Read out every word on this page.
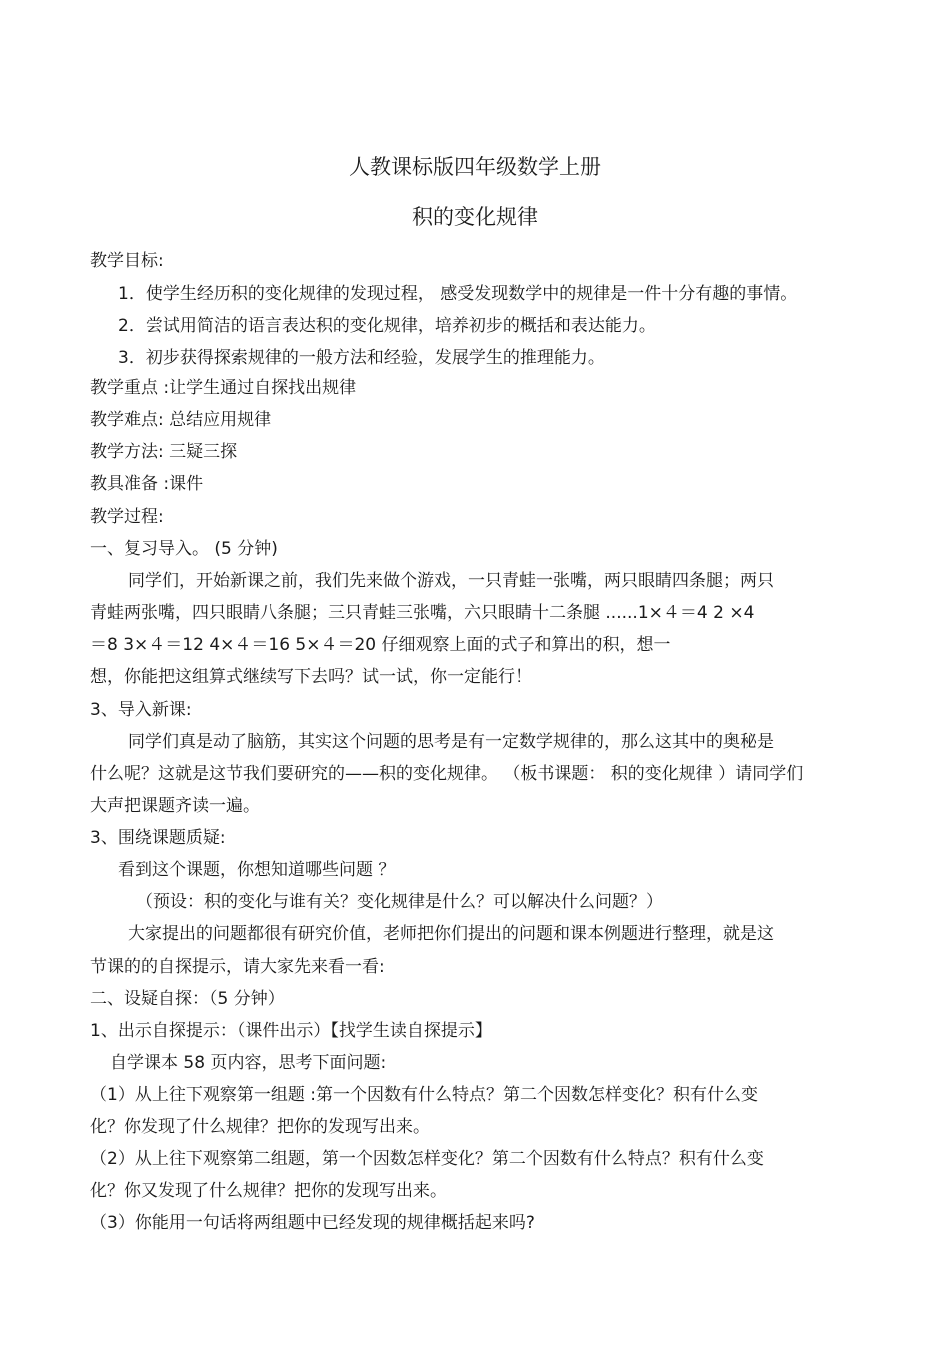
人教课标版四年级数学上册
积的变化规律
教学目标:
1．使学生经历积的变化规律的发现过程， 感受发现数学中的规律是一件十分有趣的事情。
2．尝试用简洁的语言表达积的变化规律，培养初步的概括和表达能力。
3．初步获得探索规律的一般方法和经验，发展学生的推理能力。
教学重点 :让学生通过自探找出规律
教学难点: 总结应用规律
教学方法: 三疑三探
教具准备 :课件
教学过程:
一、复习导入。 (5 分钟)
同学们，开始新课之前，我们先来做个游戏，一只青蛙一张嘴，两只眼睛四条腿；两只
青蛙两张嘴，四只眼睛八条腿；三只青蛙三张嘴，六只眼睛十二条腿 ......1×４＝4 2 ×4
＝8 3×４＝12 4×４＝16 5×４＝20 仔细观察上面的式子和算出的积，想一
想，你能把这组算式继续写下去吗？试一试，你一定能行！
3、导入新课:
同学们真是动了脑筋，其实这个问题的思考是有一定数学规律的，那么这其中的奥秘是
什么呢？这就是这节我们要研究的——积的变化规律。 （板书课题： 积的变化规律 ）请同学们
大声把课题齐读一遍。
3、围绕课题质疑:
看到这个课题，你想知道哪些问题 ？
（预设：积的变化与谁有关？变化规律是什么？可以解决什么问题？）
大家提出的问题都很有研究价值，老师把你们提出的问题和课本例题进行整理，就是这
节课的的自探提示，请大家先来看一看:
二、设疑自探：（5 分钟）
1、出示自探提示：（课件出示）【找学生读自探提示】
自学课本 58 页内容，思考下面问题:
（1）从上往下观察第一组题 :第一个因数有什么特点？第二个因数怎样变化？积有什么变
化？你发现了什么规律？把你的发现写出来。
（2）从上往下观察第二组题，第一个因数怎样变化？第二个因数有什么特点？积有什么变
化？你又发现了什么规律？把你的发现写出来。
（3）你能用一句话将两组题中已经发现的规律概括起来吗?
